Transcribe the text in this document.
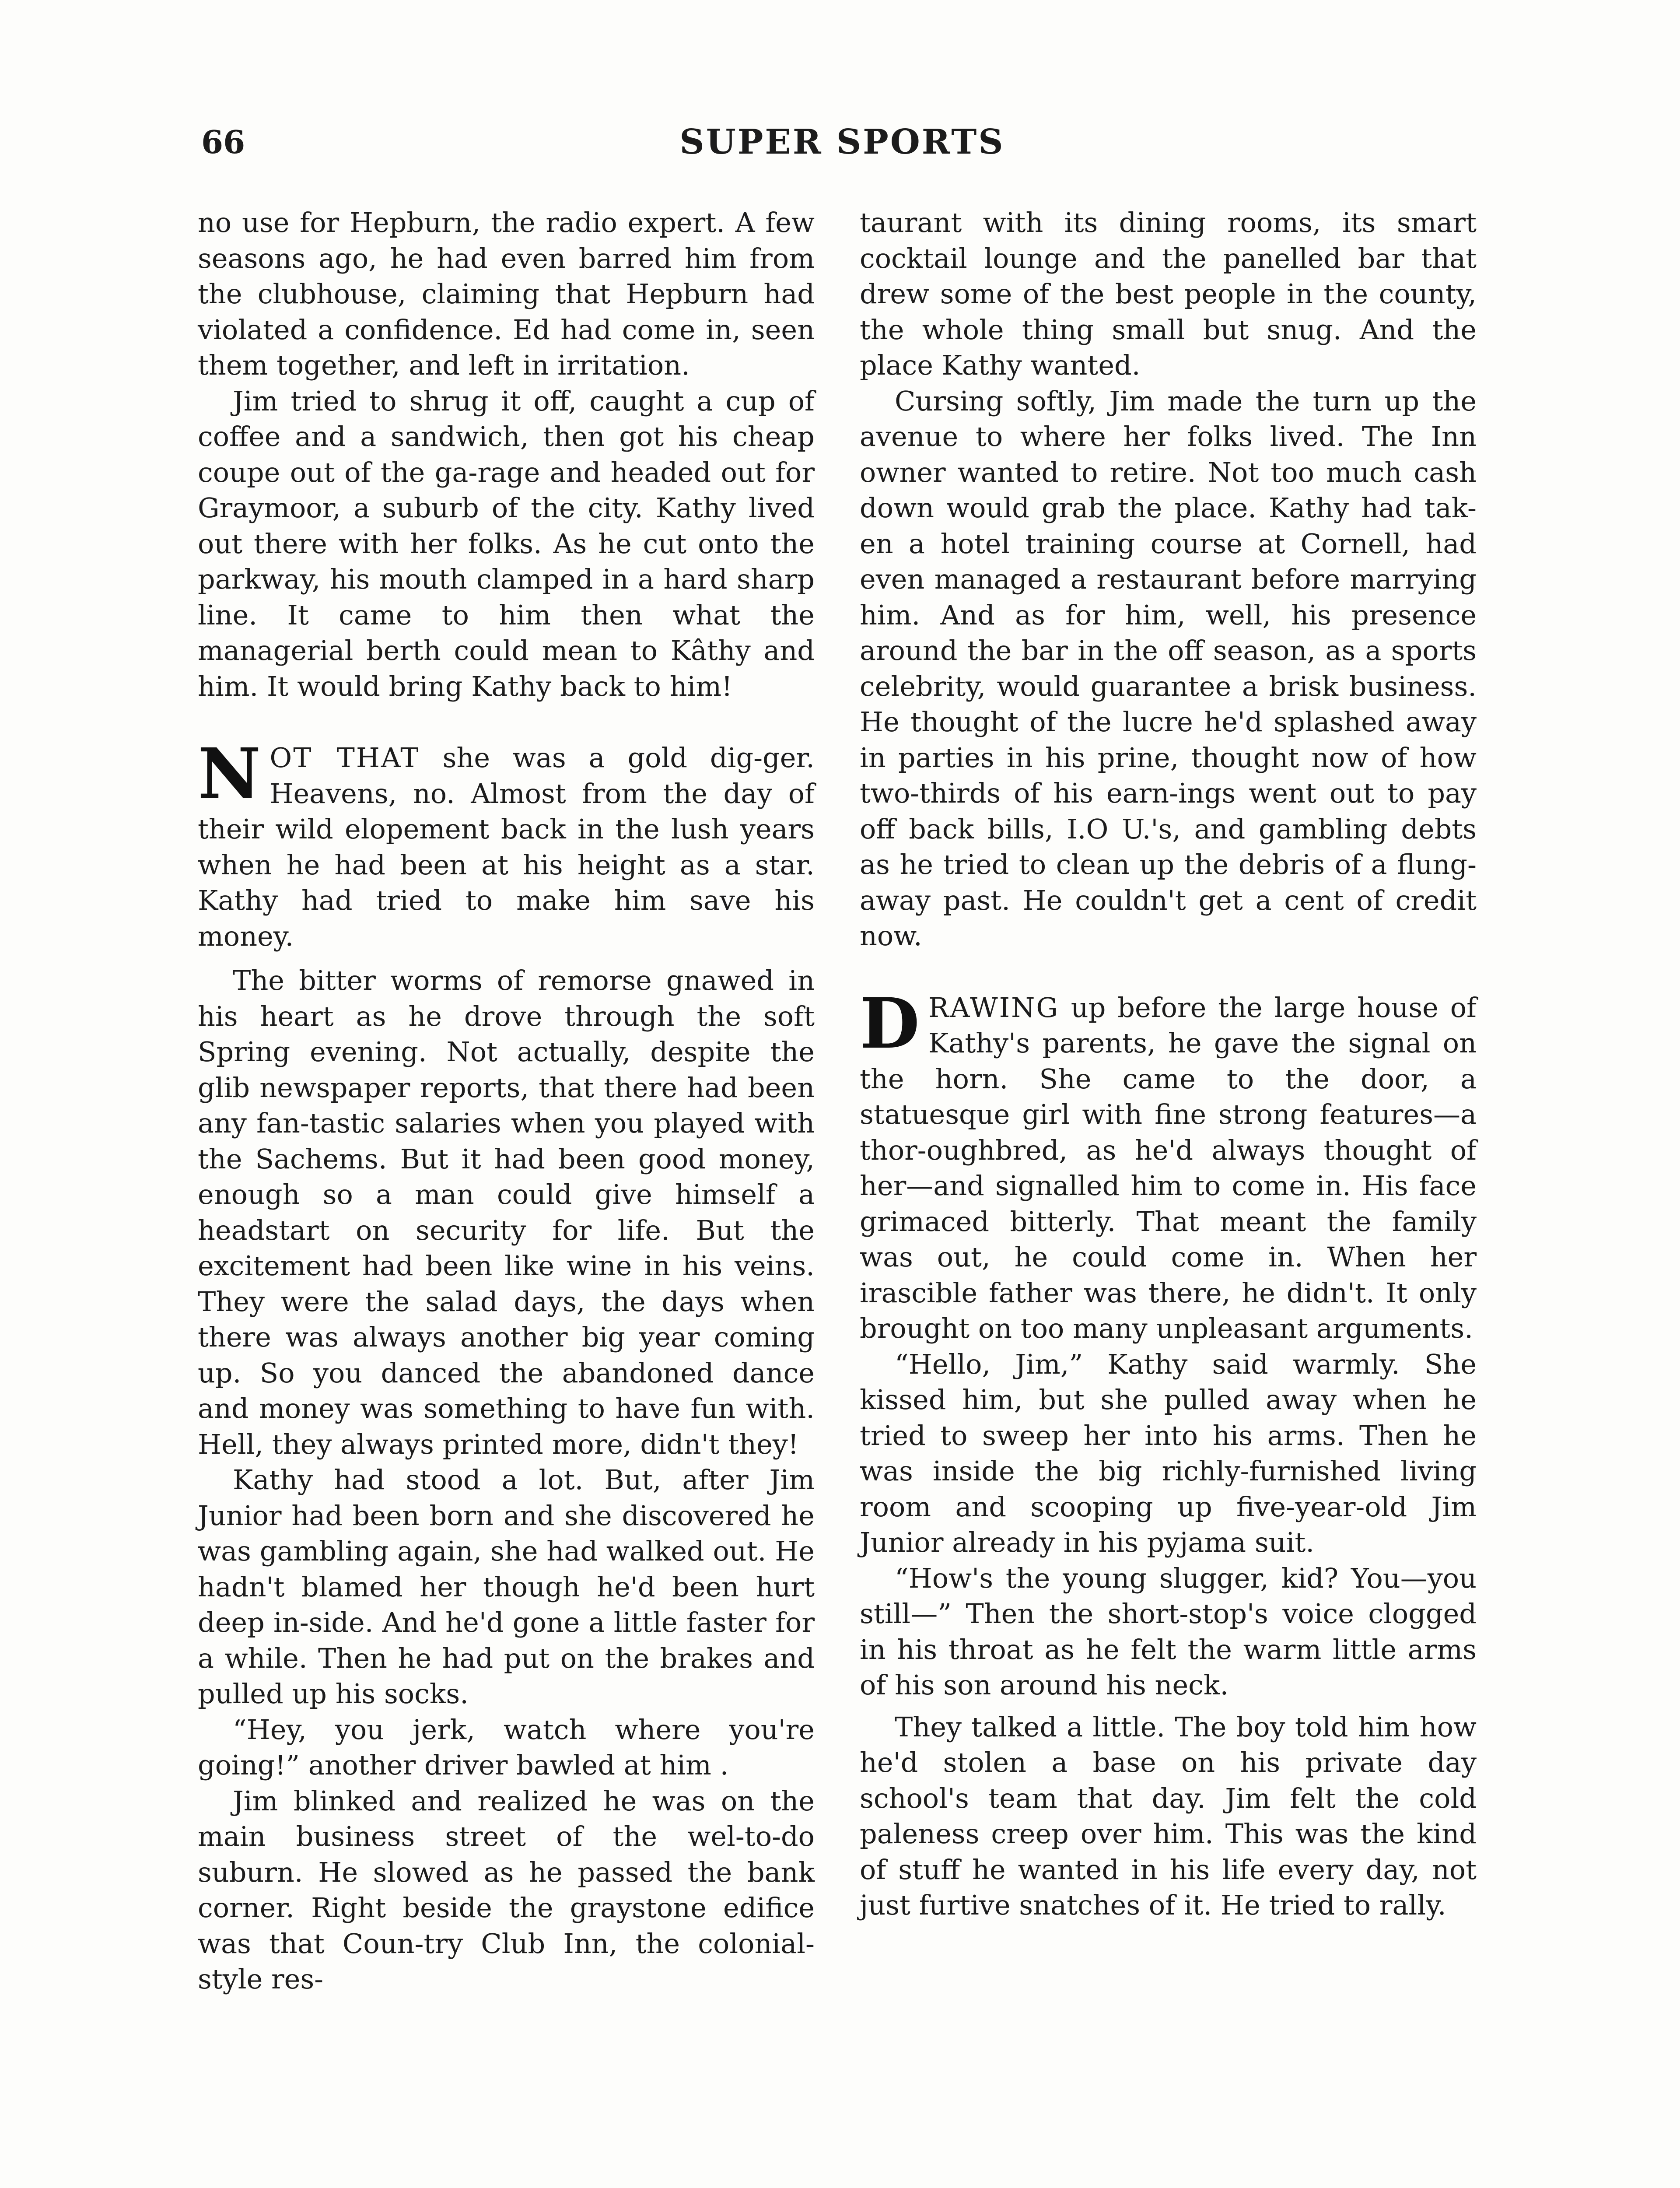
66	SUPER SPORTS

no use for Hepburn, the radio expert. A few seasons ago, he had even barred him from the clubhouse, claiming that Hepburn had violated a confidence. Ed had come in, seen them together, and left in irritation.

Jim tried to shrug it off, caught a cup of coffee and a sandwich, then got his cheap coupe out of the ga-rage and headed out for Graymoor, a suburb of the city. Kathy lived out there with her folks. As he cut onto the parkway, his mouth clamped in a hard sharp line. It came to him then what the managerial berth could mean to Kâthy and him. It would bring Kathy back to him!

NOT THAT she was a gold dig-ger. Heavens, no. Almost from the day of their wild elopement back in the lush years when he had been at his height as a star. Kathy had tried to make him save his money.

The bitter worms of remorse gnawed in his heart as he drove through the soft Spring evening. Not actually, despite the glib newspaper reports, that there had been any fan-tastic salaries when you played with the Sachems. But it had been good money, enough so a man could give himself a headstart on security for life. But the excitement had been like wine in his veins. They were the salad days, the days when there was always another big year coming up. So you danced the abandoned dance and money was something to have fun with. Hell, they always printed more, didn't they!

Kathy had stood a lot. But, after Jim Junior had been born and she discovered he was gambling again, she had walked out. He hadn't blamed her though he'd been hurt deep in-side. And he'd gone a little faster for a while. Then he had put on the brakes and pulled up his socks.

“Hey, you jerk, watch where you're going!” another driver bawled at him .

Jim blinked and realized he was on the main business street of the wel-to-do suburn. He slowed as he passed the bank corner. Right beside the graystone edifice was that Coun-try Club Inn, the colonial-style res-

taurant with its dining rooms, its smart cocktail lounge and the panelled bar that drew some of the best people in the county, the whole thing small but snug. And the place Kathy wanted.

Cursing softly, Jim made the turn up the avenue to where her folks lived. The Inn owner wanted to retire. Not too much cash down would grab the place. Kathy had tak-en a hotel training course at Cornell, had even managed a restaurant before marrying him. And as for him, well, his presence around the bar in the off season, as a sports celebrity, would guarantee a brisk business. He thought of the lucre he'd splashed away in parties in his prine, thought now of how two-thirds of his earn-ings went out to pay off back bills, I.O U.'s, and gambling debts as he tried to clean up the debris of a flung-away past. He couldn't get a cent of credit now.

DRAWING up before the large house of Kathy's parents, he gave the signal on the horn. She came to the door, a statuesque girl with fine strong features—a thor-oughbred, as he'd always thought of her—and signalled him to come in. His face grimaced bitterly. That meant the family was out, he could come in. When her irascible father was there, he didn't. It only brought on too many unpleasant arguments.

“Hello, Jim,” Kathy said warmly. She kissed him, but she pulled away when he tried to sweep her into his arms. Then he was inside the big richly-furnished living room and scooping up five-year-old Jim Junior already in his pyjama suit.

“How's the young slugger, kid? You—you still—” Then the short-stop's voice clogged in his throat as he felt the warm little arms of his son around his neck.

They talked a little. The boy told him how he'd stolen a base on his private day school's team that day. Jim felt the cold paleness creep over him. This was the kind of stuff he wanted in his life every day, not just furtive snatches of it. He tried to rally.
